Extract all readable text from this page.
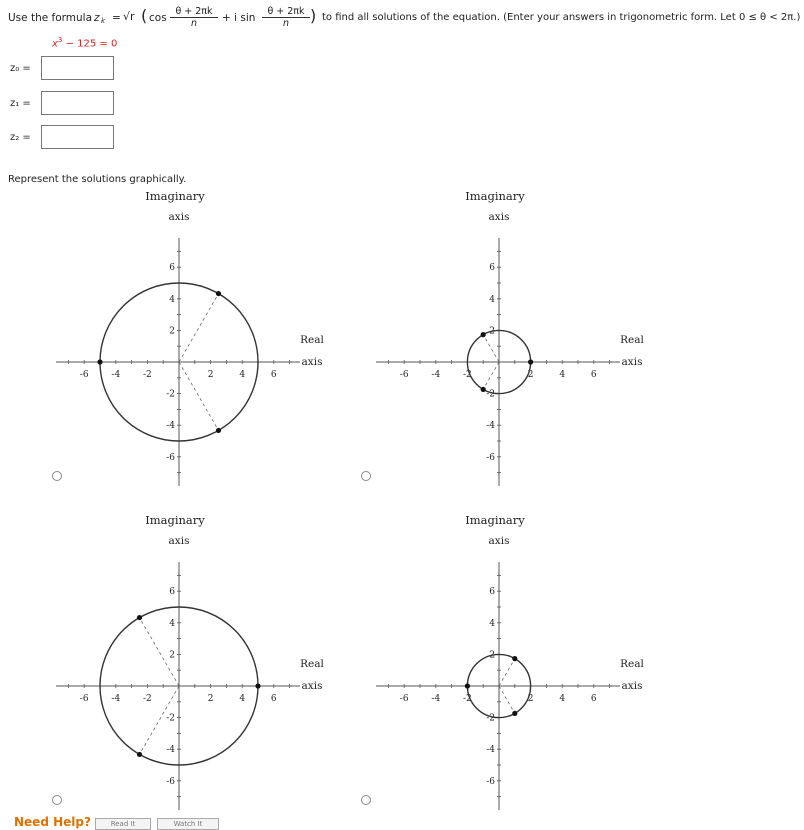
Use the formula z k = √r ( $\cos \frac{\theta + 2\pi k}{n} + i$ $\sin \frac{\theta + 2\pi k}{n}$ ) to find all solutions of the equation. (Enter your answers in trigonometric form. Let 0 ≤ θ < 2π.)
$x^3 - 125 = 0$
z₀ =
z₁ =
z₂ =
Represent the solutions graphically.
-6
-6
-4
-4
-2
-2
2
2
4
4
6
6
Imaginary
axis
Real
axis
-6
-6
-4
-4
-2
-2
2
2
4
4
6
6
Imaginary
axis
Real
axis
-6
-6
-4
-4
-2
-2
2
2
4
4
6
6
Imaginary
axis
Real
axis
-6
-6
-4
-4
-2
-2
2
2
4
4
6
6
Imaginary
axis
Real
axis
Need Help?	Read It	Watch It
